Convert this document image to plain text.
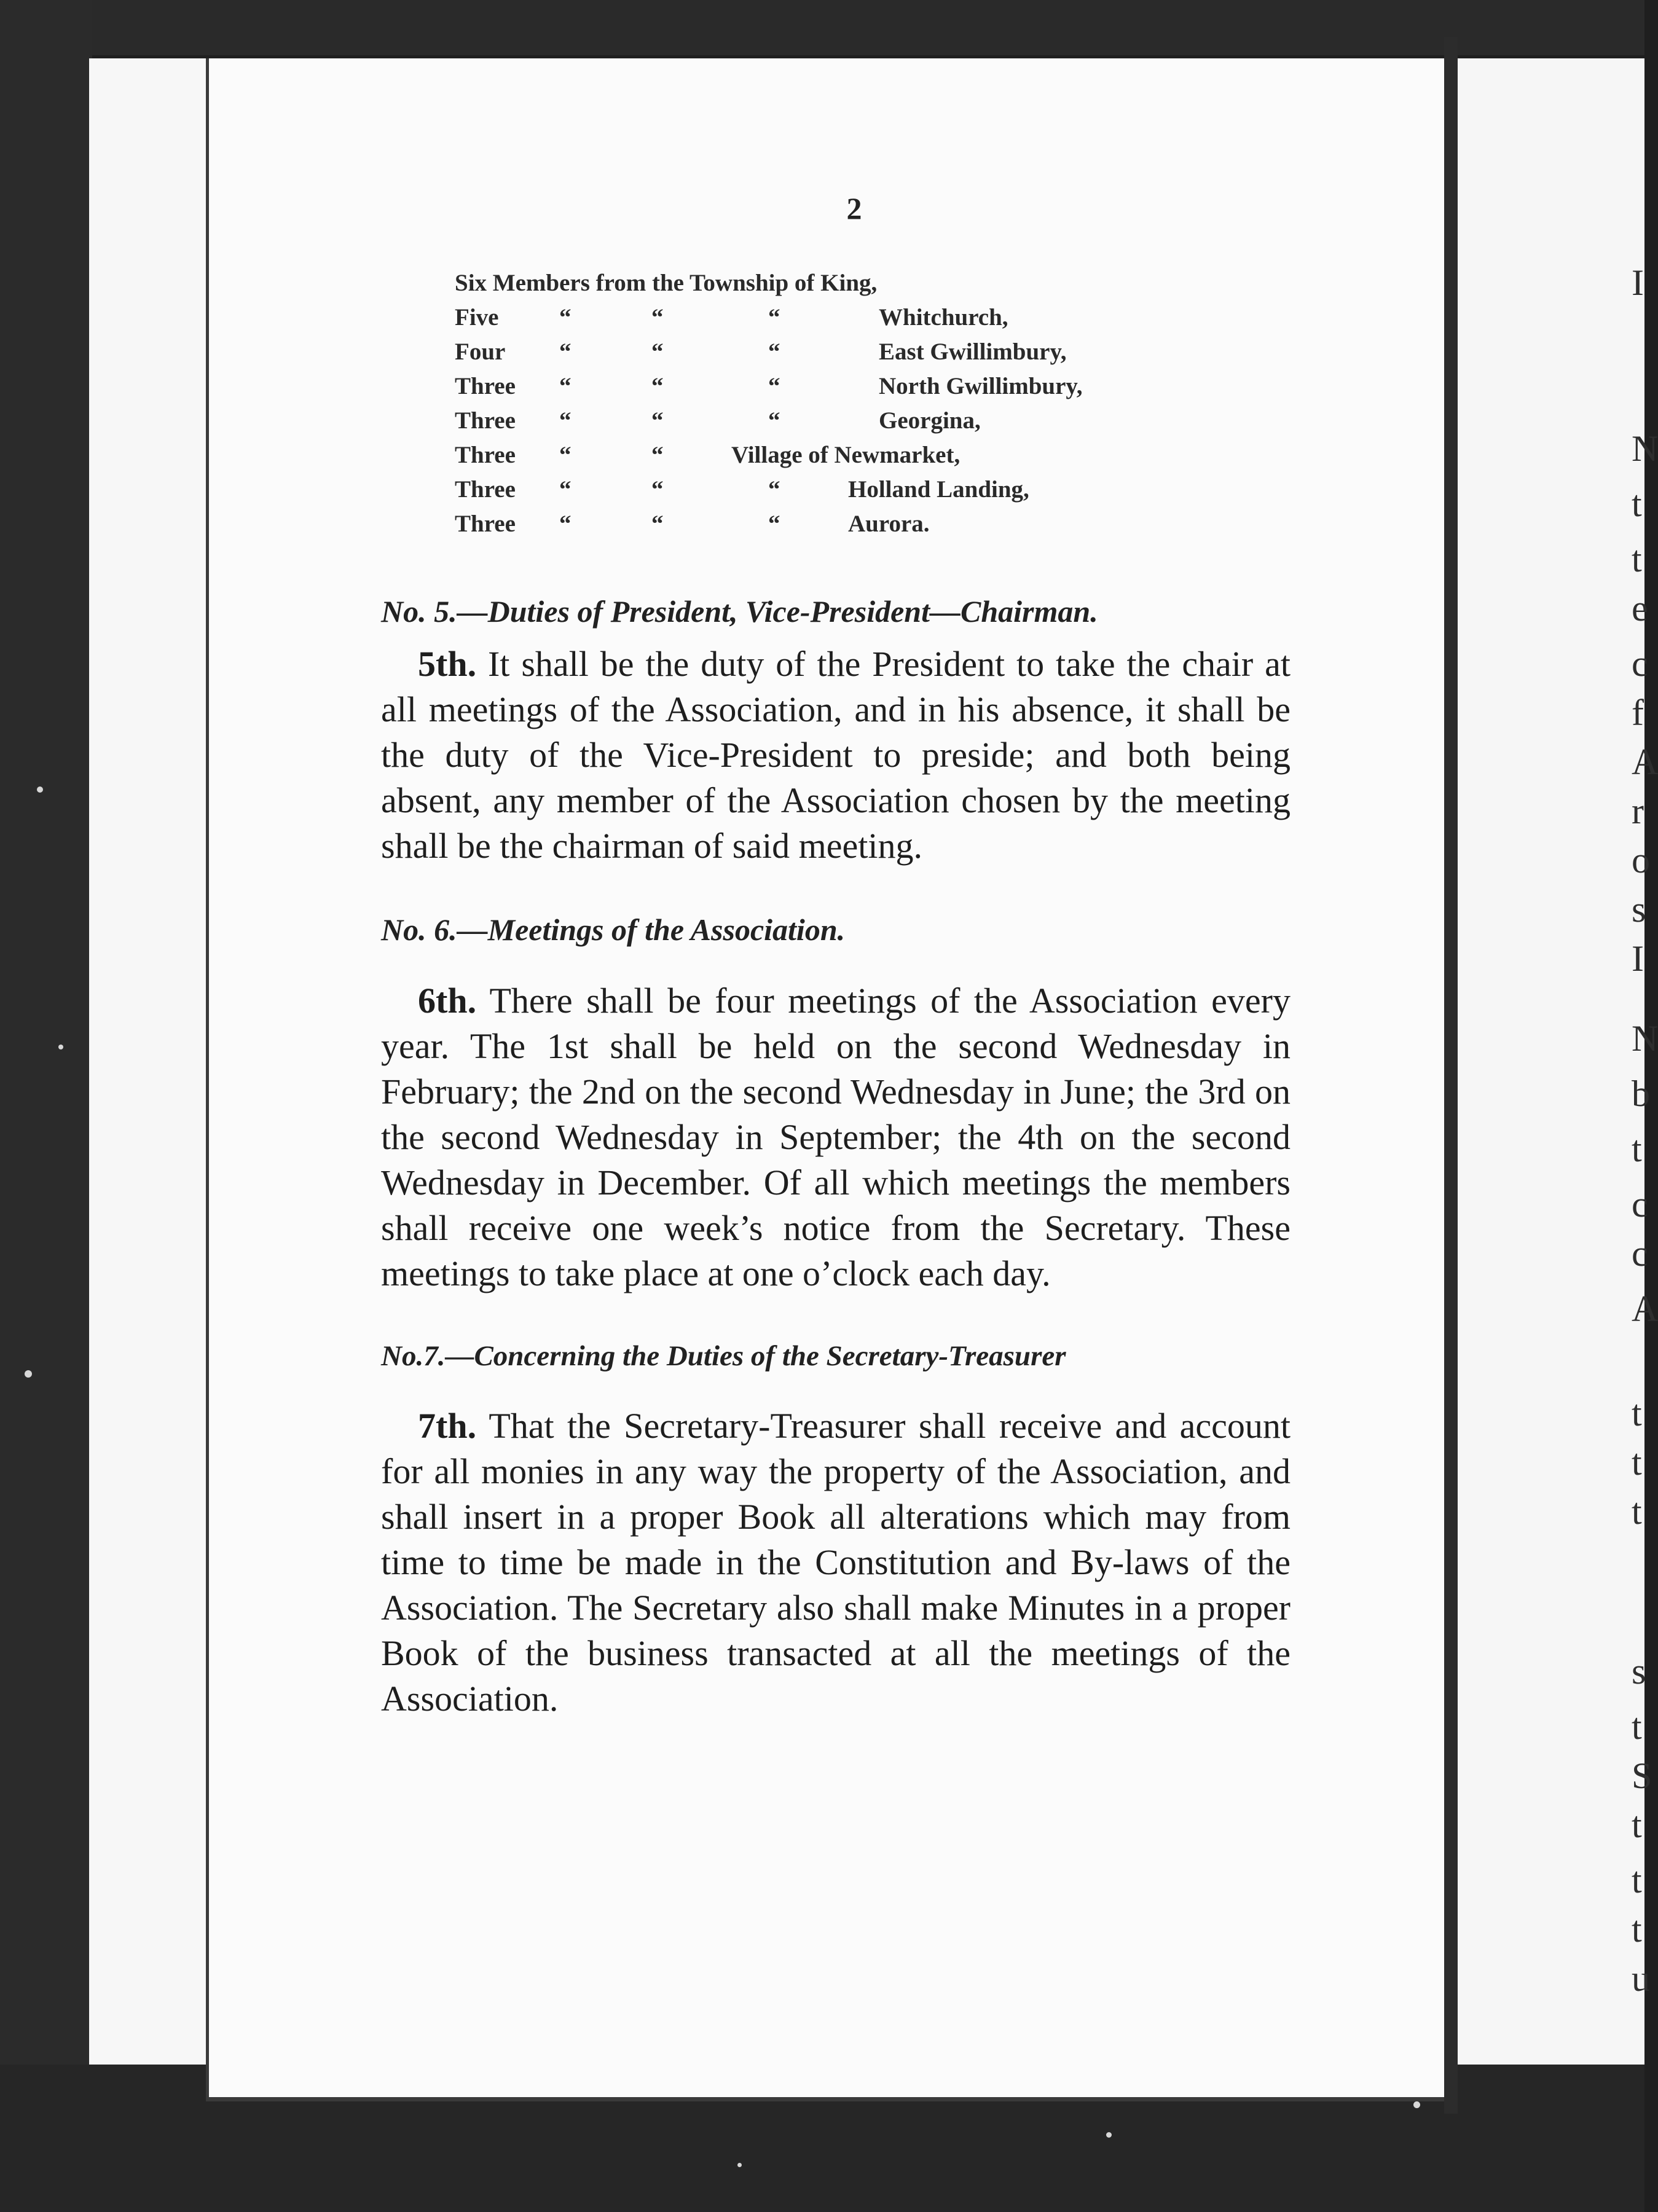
I
N
t
t
e
c
f
A
r
o
s
I
N
b
t
c
c
A
t
t
t
s
t
S
t
t
t
u
2
Six Members from the Township of King,
Five	“	“	“	Whitchurch,
Four “	“	“	East Gwillimbury,
Three “	“	“	North Gwillimbury,
Three “	“	“	Georgina,
Three “	“	Village of Newmarket,
Three “	“	“	Holland Landing,
Three “	“	“	Aurora.

No. 5.—Duties of President, Vice-President—Chairman.

5th. It shall be the duty of the President to take the chair at all meetings of the Association, and in his absence, it shall be the duty of the Vice-President to preside; and both being absent, any member of the Association chosen by the meeting shall be the chairman of said meeting.

No. 6.—Meetings of the Association.

6th. There shall be four meetings of the Association every year. The 1st shall be held on the second Wednesday in February; the 2nd on the second Wednesday in June; the 3rd on the second Wednesday in September; the 4th on the second Wednesday in December. Of all which meetings the members shall receive one week’s notice from the Secretary. These meetings to take place at one o’clock each day.

No.7.—Concerning the Duties of the Secretary-Treasurer

7th. That the Secretary-Treasurer shall receive and account for all monies in any way the property of the Association, and shall insert in a proper Book all alterations which may from time to time be made in the Constitution and By-laws of the Association. The Secretary also shall make Minutes in a proper Book of the business transacted at all the meetings of the Association.
